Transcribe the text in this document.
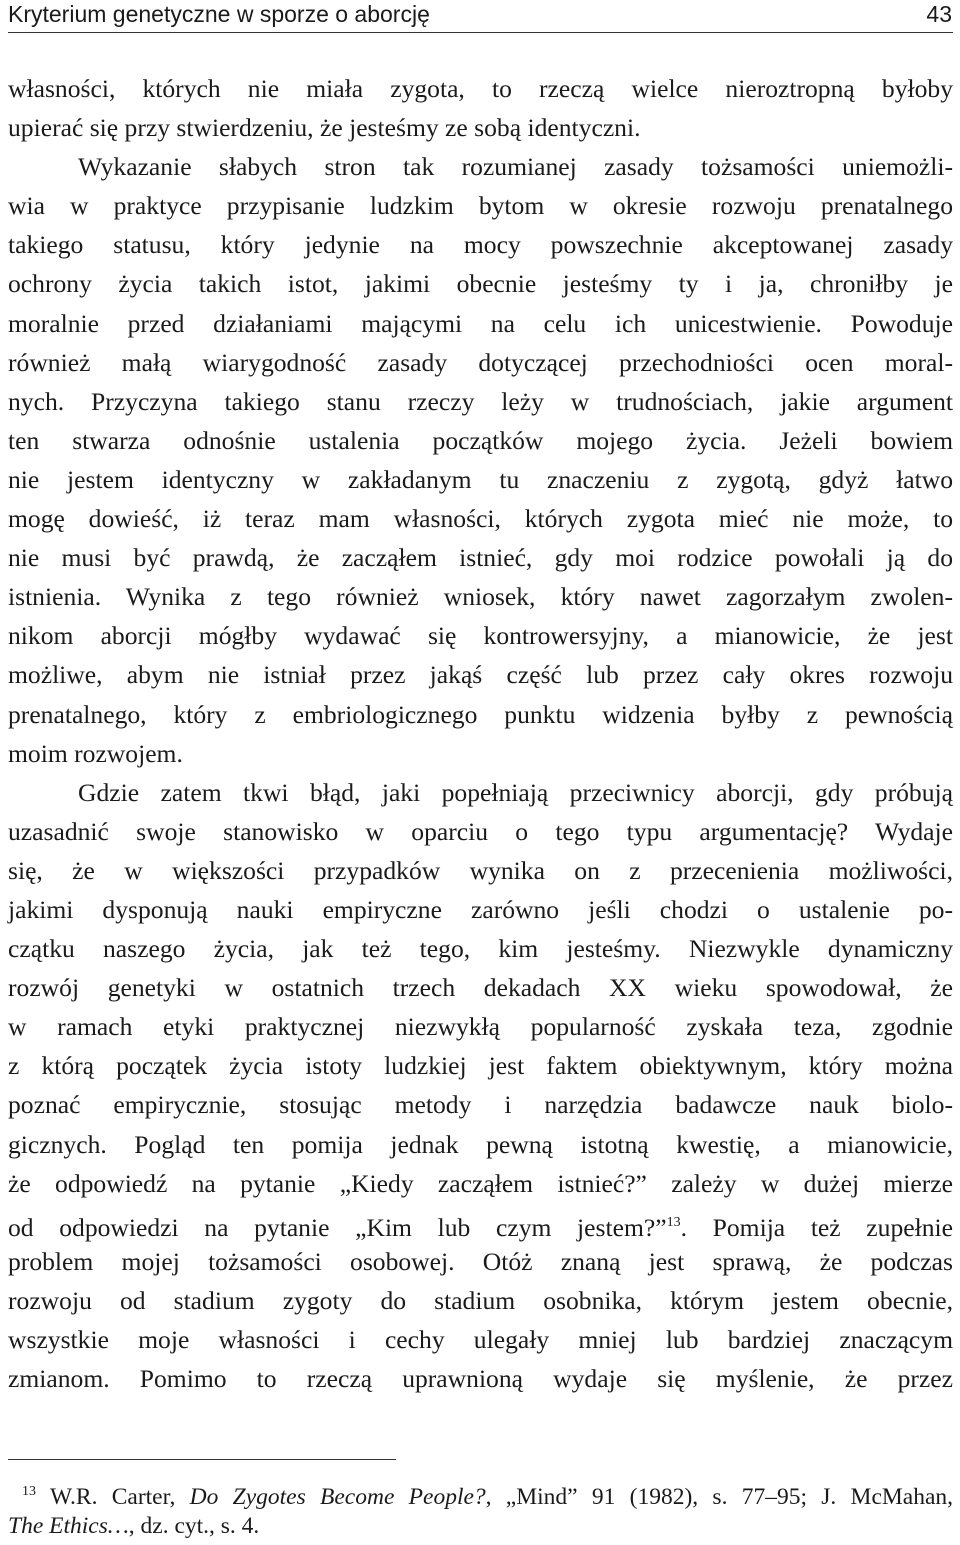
Kryterium genetyczne w sporze o aborcję	43
własności, których nie miała zygota, to rzeczą wielce nieroztropną byłoby
upierać się przy stwierdzeniu, że jesteśmy ze sobą identyczni.
Wykazanie słabych stron tak rozumianej zasady tożsamości uniemożli-
wia w praktyce przypisanie ludzkim bytom w okresie rozwoju prenatalnego
takiego statusu, który jedynie na mocy powszechnie akceptowanej zasady
ochrony życia takich istot, jakimi obecnie jesteśmy ty i ja, chroniłby je
moralnie przed działaniami mającymi na celu ich unicestwienie. Powoduje
również małą wiarygodność zasady dotyczącej przechodniości ocen moral-
nych. Przyczyna takiego stanu rzeczy leży w trudnościach, jakie argument
ten stwarza odnośnie ustalenia początków mojego życia. Jeżeli bowiem
nie jestem identyczny w zakładanym tu znaczeniu z zygotą, gdyż łatwo
mogę dowieść, iż teraz mam własności, których zygota mieć nie może, to
nie musi być prawdą, że zacząłem istnieć, gdy moi rodzice powołali ją do
istnienia. Wynika z tego również wniosek, który nawet zagorzałym zwolen-
nikom aborcji mógłby wydawać się kontrowersyjny, a mianowicie, że jest
możliwe, abym nie istniał przez jakąś część lub przez cały okres rozwoju
prenatalnego, który z embriologicznego punktu widzenia byłby z pewnością
moim rozwojem.
Gdzie zatem tkwi błąd, jaki popełniają przeciwnicy aborcji, gdy próbują
uzasadnić swoje stanowisko w oparciu o tego typu argumentację? Wydaje
się, że w większości przypadków wynika on z przecenienia możliwości,
jakimi dysponują nauki empiryczne zarówno jeśli chodzi o ustalenie po-
czątku naszego życia, jak też tego, kim jesteśmy. Niezwykle dynamiczny
rozwój genetyki w ostatnich trzech dekadach XX wieku spowodował, że
w ramach etyki praktycznej niezwykłą popularność zyskała teza, zgodnie
z którą początek życia istoty ludzkiej jest faktem obiektywnym, który można
poznać empirycznie, stosując metody i narzędzia badawcze nauk biolo-
gicznych. Pogląd ten pomija jednak pewną istotną kwestię, a mianowicie,
że odpowiedź na pytanie „Kiedy zacząłem istnieć?” zależy w dużej mierze
od odpowiedzi na pytanie „Kim lub czym jestem?”$^{13}$. Pomija też zupełnie
problem mojej tożsamości osobowej. Otóż znaną jest sprawą, że podczas
rozwoju od stadium zygoty do stadium osobnika, którym jestem obecnie,
wszystkie moje własności i cechy ulegały mniej lub bardziej znaczącym
zmianom. Pomimo to rzeczą uprawnioną wydaje się myślenie, że przez
$^{13}$ W.R. Carter, Do Zygotes Become People?, „Mind” 91 (1982), s. 77–95; J. McMahan,
The Ethics…, dz. cyt., s. 4.
